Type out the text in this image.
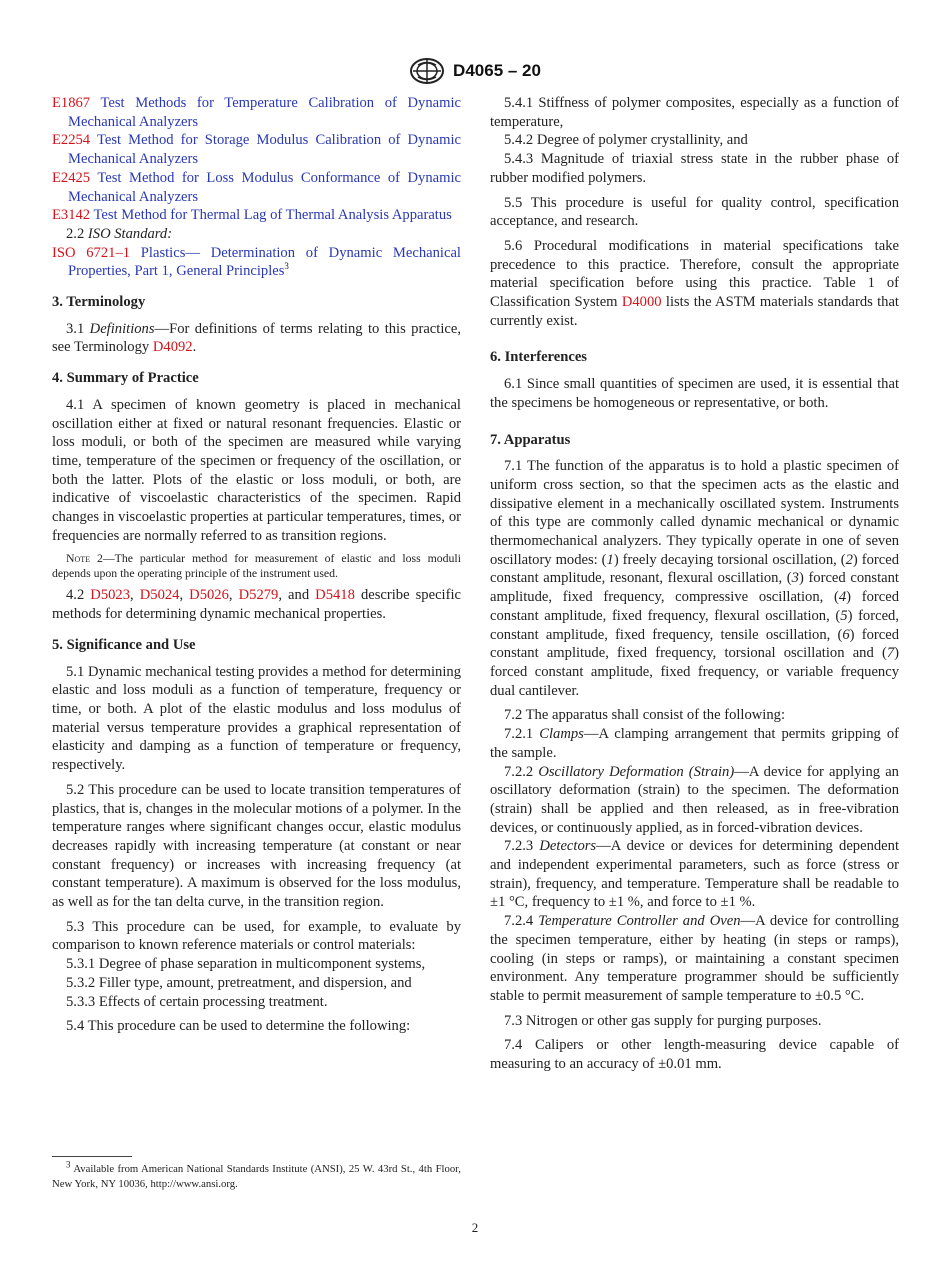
D4065 – 20

E1867 Test Methods for Temperature Calibration of Dynamic Mechanical Analyzers

E2254 Test Method for Storage Modulus Calibration of Dynamic Mechanical Analyzers

E2425 Test Method for Loss Modulus Conformance of Dynamic Mechanical Analyzers

E3142 Test Method for Thermal Lag of Thermal Analysis Apparatus

2.2 ISO Standard:

ISO 6721–1 Plastics— Determination of Dynamic Mechanical Properties, Part 1, General Principles$^3$

3. Terminology

3.1 Definitions—For definitions of terms relating to this practice, see Terminology D4092.

4. Summary of Practice

4.1 A specimen of known geometry is placed in mechanical oscillation either at fixed or natural resonant frequencies. Elastic or loss moduli, or both of the specimen are measured while varying time, temperature of the specimen or frequency of the oscillation, or both the latter. Plots of the elastic or loss moduli, or both, are indicative of viscoelastic characteristics of the specimen. Rapid changes in viscoelastic properties at particular temperatures, times, or frequencies are normally referred to as transition regions.

Note 2—The particular method for measurement of elastic and loss moduli depends upon the operating principle of the instrument used.

4.2 D5023, D5024, D5026, D5279, and D5418 describe specific methods for determining dynamic mechanical properties.

5. Significance and Use

5.1 Dynamic mechanical testing provides a method for determining elastic and loss moduli as a function of temperature, frequency or time, or both. A plot of the elastic modulus and loss modulus of material versus temperature provides a graphical representation of elasticity and damping as a function of temperature or frequency, respectively.

5.2 This procedure can be used to locate transition temperatures of plastics, that is, changes in the molecular motions of a polymer. In the temperature ranges where significant changes occur, elastic modulus decreases rapidly with increasing temperature (at constant or near constant frequency) or increases with increasing frequency (at constant temperature). A maximum is observed for the loss modulus, as well as for the tan delta curve, in the transition region.

5.3 This procedure can be used, for example, to evaluate by comparison to known reference materials or control materials:

5.3.1 Degree of phase separation in multicomponent systems,

5.3.2 Filler type, amount, pretreatment, and dispersion, and

5.3.3 Effects of certain processing treatment.

5.4 This procedure can be used to determine the following:

5.4.1 Stiffness of polymer composites, especially as a function of temperature,

5.4.2 Degree of polymer crystallinity, and

5.4.3 Magnitude of triaxial stress state in the rubber phase of rubber modified polymers.

5.5 This procedure is useful for quality control, specification acceptance, and research.

5.6 Procedural modifications in material specifications take precedence to this practice. Therefore, consult the appropriate material specification before using this practice. Table 1 of Classification System D4000 lists the ASTM materials standards that currently exist.

6. Interferences

6.1 Since small quantities of specimen are used, it is essential that the specimens be homogeneous or representative, or both.

7. Apparatus

7.1 The function of the apparatus is to hold a plastic specimen of uniform cross section, so that the specimen acts as the elastic and dissipative element in a mechanically oscillated system. Instruments of this type are commonly called dynamic mechanical or dynamic thermomechanical analyzers. They typically operate in one of seven oscillatory modes: (1) freely decaying torsional oscillation, (2) forced constant amplitude, resonant, flexural oscillation, (3) forced constant amplitude, fixed frequency, compressive oscillation, (4) forced constant amplitude, fixed frequency, flexural oscillation, (5) forced, constant amplitude, fixed frequency, tensile oscillation, (6) forced constant amplitude, fixed frequency, torsional oscillation and (7) forced constant amplitude, fixed frequency, or variable frequency dual cantilever.

7.2 The apparatus shall consist of the following:

7.2.1 Clamps—A clamping arrangement that permits gripping of the sample.

7.2.2 Oscillatory Deformation (Strain)—A device for applying an oscillatory deformation (strain) to the specimen. The deformation (strain) shall be applied and then released, as in free-vibration devices, or continuously applied, as in forced-vibration devices.

7.2.3 Detectors—A device or devices for determining dependent and independent experimental parameters, such as force (stress or strain), frequency, and temperature. Temperature shall be readable to ±1 °C, frequency to ±1 %, and force to ±1 %.

7.2.4 Temperature Controller and Oven—A device for controlling the specimen temperature, either by heating (in steps or ramps), cooling (in steps or ramps), or maintaining a constant specimen environment. Any temperature programmer should be sufficiently stable to permit measurement of sample temperature to ±0.5 °C.

7.3 Nitrogen or other gas supply for purging purposes.

7.4 Calipers or other length-measuring device capable of measuring to an accuracy of ±0.01 mm.

$^3$ Available from American National Standards Institute (ANSI), 25 W. 43rd St., 4th Floor, New York, NY 10036, http://www.ansi.org.

2
